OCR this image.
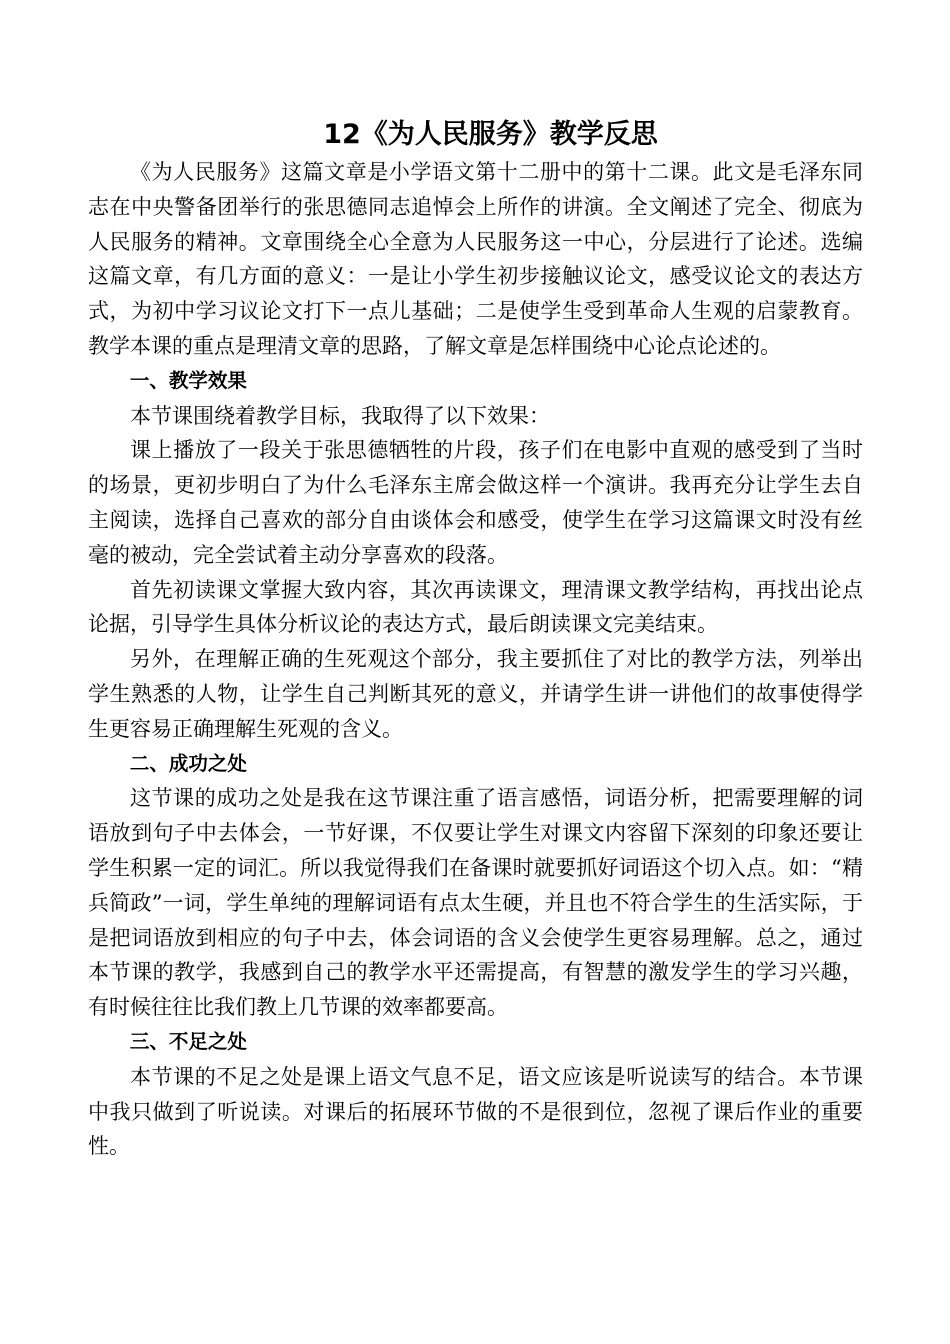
12《为人民服务》教学反思

《为人民服务》这篇文章是小学语文第十二册中的第十二课。此文是毛泽东同志在中央警备团举行的张思德同志追悼会上所作的讲演。全文阐述了完全、彻底为人民服务的精神。文章围绕全心全意为人民服务这一中心，分层进行了论述。选编这篇文章，有几方面的意义：一是让小学生初步接触议论文，感受议论文的表达方式，为初中学习议论文打下一点儿基础；二是使学生受到革命人生观的启蒙教育。教学本课的重点是理清文章的思路，了解文章是怎样围绕中心论点论述的。

一、教学效果

本节课围绕着教学目标，我取得了以下效果：

课上播放了一段关于张思德牺牲的片段，孩子们在电影中直观的感受到了当时的场景，更初步明白了为什么毛泽东主席会做这样一个演讲。我再充分让学生去自主阅读，选择自己喜欢的部分自由谈体会和感受，使学生在学习这篇课文时没有丝毫的被动，完全尝试着主动分享喜欢的段落。

首先初读课文掌握大致内容，其次再读课文，理清课文教学结构，再找出论点论据，引导学生具体分析议论的表达方式，最后朗读课文完美结束。

另外，在理解正确的生死观这个部分，我主要抓住了对比的教学方法，列举出学生熟悉的人物，让学生自己判断其死的意义，并请学生讲一讲他们的故事使得学生更容易正确理解生死观的含义。

二、成功之处

这节课的成功之处是我在这节课注重了语言感悟，词语分析，把需要理解的词语放到句子中去体会，一节好课，不仅要让学生对课文内容留下深刻的印象还要让学生积累一定的词汇。所以我觉得我们在备课时就要抓好词语这个切入点。如：“精兵简政”一词，学生单纯的理解词语有点太生硬，并且也不符合学生的生活实际，于是把词语放到相应的句子中去，体会词语的含义会使学生更容易理解。总之，通过本节课的教学，我感到自己的教学水平还需提高，有智慧的激发学生的学习兴趣，有时候往往比我们教上几节课的效率都要高。

三、不足之处

本节课的不足之处是课上语文气息不足，语文应该是听说读写的结合。本节课中我只做到了听说读。对课后的拓展环节做的不是很到位，忽视了课后作业的重要性。
